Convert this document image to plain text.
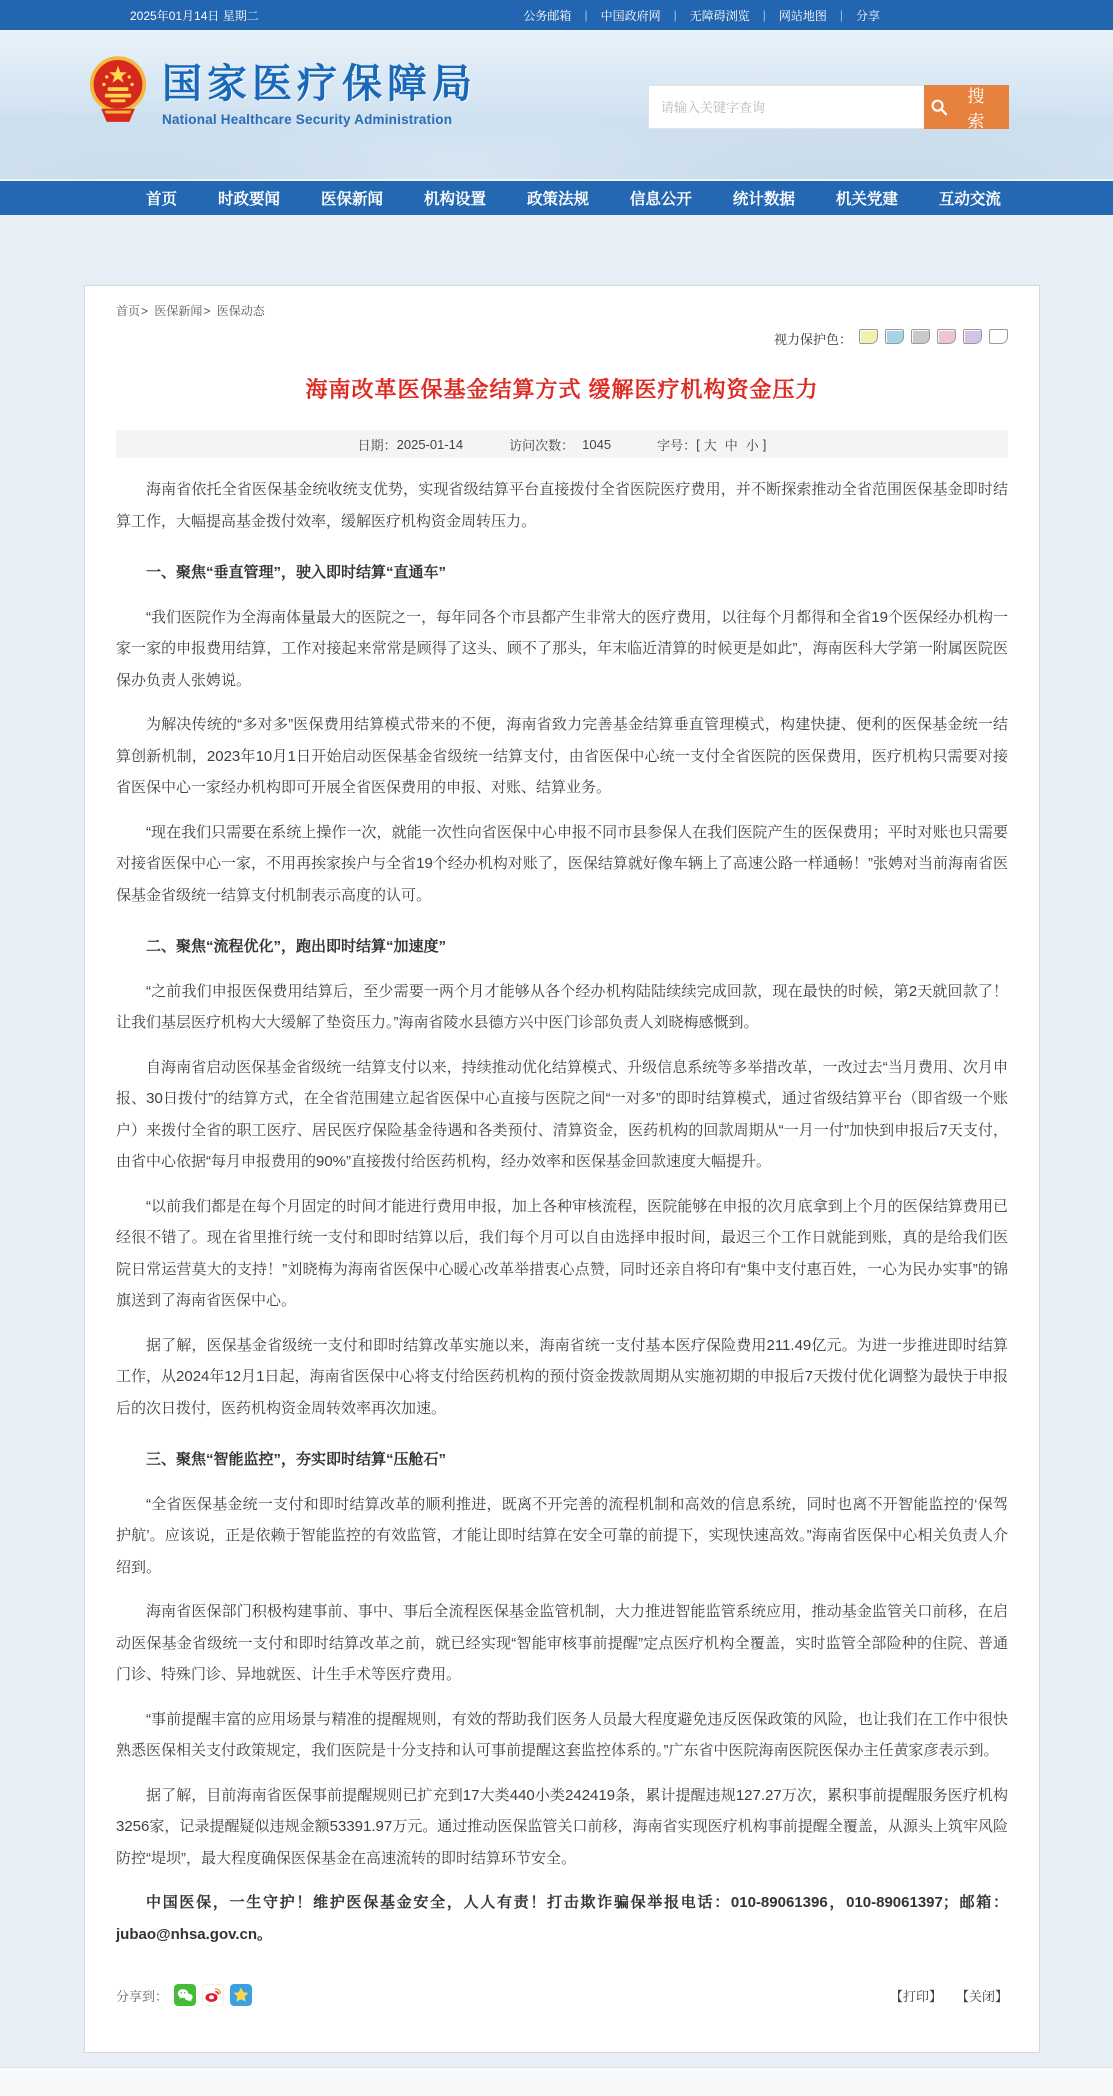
2025年01月14日 星期二	公务邮箱 | 中国政府网 | 无障碍浏览 | 网站地图 | 分享
国家医疗保障局
National Healthcare Security Administration
请输入关键字查询
搜 索
首页	时政要闻	医保新闻	机构设置	政策法规	信息公开	统计数据	机关党建	互动交流
首页> 医保新闻> 医保动态
视力保护色：
海南改革医保基金结算方式 缓解医疗机构资金压力
日期： 2025-01-14	访问次数： 1045	字号： [ 大 中 小 ]
海南省依托全省医保基金统收统支优势，实现省级结算平台直接拨付全省医院医疗费用，并不断探索推动全省范围医保基金即时结算工作，大幅提高基金拨付效率，缓解医疗机构资金周转压力。
一、聚焦“垂直管理”，驶入即时结算“直通车”
“我们医院作为全海南体量最大的医院之一，每年同各个市县都产生非常大的医疗费用，以往每个月都得和全省19个医保经办机构一家一家的申报费用结算，工作对接起来常常是顾得了这头、顾不了那头，年末临近清算的时候更是如此”，海南医科大学第一附属医院医保办负责人张娉说。
为解决传统的“多对多”医保费用结算模式带来的不便，海南省致力完善基金结算垂直管理模式，构建快捷、便利的医保基金统一结算创新机制，2023年10月1日开始启动医保基金省级统一结算支付，由省医保中心统一支付全省医院的医保费用，医疗机构只需要对接省医保中心一家经办机构即可开展全省医保费用的申报、对账、结算业务。
“现在我们只需要在系统上操作一次，就能一次性向省医保中心申报不同市县参保人在我们医院产生的医保费用；平时对账也只需要对接省医保中心一家，不用再挨家挨户与全省19个经办机构对账了，医保结算就好像车辆上了高速公路一样通畅！”张娉对当前海南省医保基金省级统一结算支付机制表示高度的认可。
二、聚焦“流程优化”，跑出即时结算“加速度”
“之前我们申报医保费用结算后，至少需要一两个月才能够从各个经办机构陆陆续续完成回款，现在最快的时候，第2天就回款了！让我们基层医疗机构大大缓解了垫资压力。”海南省陵水县德方兴中医门诊部负责人刘晓梅感慨到。
自海南省启动医保基金省级统一结算支付以来，持续推动优化结算模式、升级信息系统等多举措改革，一改过去“当月费用、次月申报、30日拨付”的结算方式，在全省范围建立起省医保中心直接与医院之间“一对多”的即时结算模式，通过省级结算平台（即省级一个账户）来拨付全省的职工医疗、居民医疗保险基金待遇和各类预付、清算资金，医药机构的回款周期从“一月一付”加快到申报后7天支付，由省中心依据“每月申报费用的90%”直接拨付给医药机构，经办效率和医保基金回款速度大幅提升。
“以前我们都是在每个月固定的时间才能进行费用申报，加上各种审核流程，医院能够在申报的次月底拿到上个月的医保结算费用已经很不错了。现在省里推行统一支付和即时结算以后，我们每个月可以自由选择申报时间，最迟三个工作日就能到账，真的是给我们医院日常运营莫大的支持！”刘晓梅为海南省医保中心暖心改革举措衷心点赞，同时还亲自将印有“集中支付惠百姓，一心为民办实事”的锦旗送到了海南省医保中心。
据了解，医保基金省级统一支付和即时结算改革实施以来，海南省统一支付基本医疗保险费用211.49亿元。为进一步推进即时结算工作，从2024年12月1日起，海南省医保中心将支付给医药机构的预付资金拨款周期从实施初期的申报后7天拨付优化调整为最快于申报后的次日拨付，医药机构资金周转效率再次加速。
三、聚焦“智能监控”，夯实即时结算“压舱石”
“全省医保基金统一支付和即时结算改革的顺利推进，既离不开完善的流程机制和高效的信息系统，同时也离不开智能监控的‘保驾护航’。应该说，正是依赖于智能监控的有效监管，才能让即时结算在安全可靠的前提下，实现快速高效。”海南省医保中心相关负责人介绍到。
海南省医保部门积极构建事前、事中、事后全流程医保基金监管机制，大力推进智能监管系统应用，推动基金监管关口前移，在启动医保基金省级统一支付和即时结算改革之前，就已经实现“智能审核事前提醒”定点医疗机构全覆盖，实时监管全部险种的住院、普通门诊、特殊门诊、异地就医、计生手术等医疗费用。
“事前提醒丰富的应用场景与精准的提醒规则，有效的帮助我们医务人员最大程度避免违反医保政策的风险，也让我们在工作中很快熟悉医保相关支付政策规定，我们医院是十分支持和认可事前提醒这套监控体系的。”广东省中医院海南医院医保办主任黄家彦表示到。
据了解，目前海南省医保事前提醒规则已扩充到17大类440小类242419条，累计提醒违规127.27万次，累积事前提醒服务医疗机构3256家，记录提醒疑似违规金额53391.97万元。通过推动医保监管关口前移，海南省实现医疗机构事前提醒全覆盖，从源头上筑牢风险防控“堤坝”，最大程度确保医保基金在高速流转的即时结算环节安全。
中国医保，一生守护！维护医保基金安全，人人有责！打击欺诈骗保举报电话：010-89061396，010-89061397；邮箱：jubao@nhsa.gov.cn。
分享到：	【打印】 【关闭】
